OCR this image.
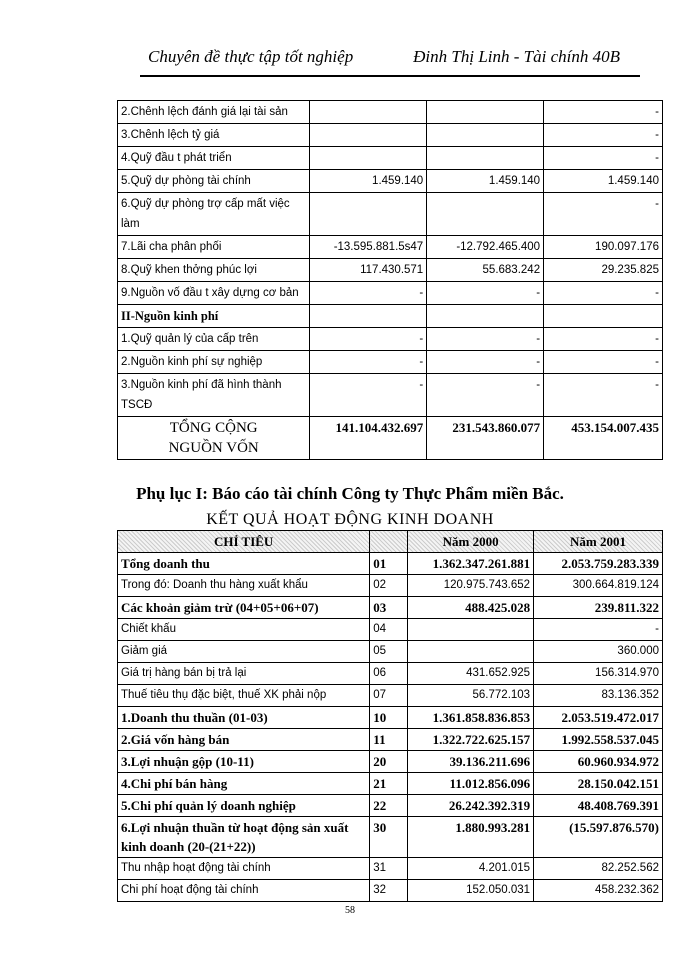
Chuyên đề thực tập tốt nghiệp	Đinh Thị Linh - Tài chính 40B
2.Chênh lệch đánh giá lại tài sản			-
3.Chênh lệch tỷ giá			-
4.Quỹ đầu t phát triển			-
5.Quỹ dự phòng tài chính	1.459.140	1.459.140	1.459.140
6.Quỹ dự phòng trợ cấp mất việc làm			-
7.Lãi cha phân phối	-13.595.881.5s47	-12.792.465.400	190.097.176
8.Quỹ khen thởng phúc lợi	117.430.571	55.683.242	29.235.825
9.Nguồn vố đầu t xây dựng cơ bản	-	-	-
II-Nguồn kinh phí			
1.Quỹ quản lý của cấp trên	-	-	-
2.Nguồn kinh phí sự nghiệp	-	-	-
3.Nguồn kinh phí đã hình thành TSCĐ	-	-	-

TỔNG CỘNG
NGUỒN VỐN	141.104.432.697	231.543.860.077	453.154.007.435
Phụ lục I: Báo cáo tài chính Công ty Thực Phẩm miền Bắc.
KẾT QUẢ HOẠT ĐỘNG KINH DOANH
CHỈ TIÊU		Năm 2000	Năm 2001
Tổng doanh thu	01	1.362.347.261.881	2.053.759.283.339
Trong đó: Doanh thu hàng xuất khẩu	02	120.975.743.652	300.664.819.124
Các khoản giảm trừ (04+05+06+07)	03	488.425.028	239.811.322
Chiết khấu	04		-
Giảm giá	05		360.000
Giá trị hàng bán bị trả lại	06	431.652.925	156.314.970
Thuế tiêu thụ đặc biệt, thuế XK phải nộp	07	56.772.103	83.136.352
1.Doanh thu thuần (01-03)	10	1.361.858.836.853	2.053.519.472.017
2.Giá vốn hàng bán	11	1.322.722.625.157	1.992.558.537.045
3.Lợi nhuận gộp (10-11)	20	39.136.211.696	60.960.934.972
4.Chi phí bán hàng	21	11.012.856.096	28.150.042.151
5.Chi phí quản lý doanh nghiệp	22	26.242.392.319	48.408.769.391
6.Lợi nhuận thuần từ hoạt động sản xuất kinh doanh (20-(21+22))	30	1.880.993.281	(15.597.876.570)
Thu nhập hoạt động tài chính	31	4.201.015	82.252.562
Chi phí hoạt động tài chính	32	152.050.031	458.232.362
58
